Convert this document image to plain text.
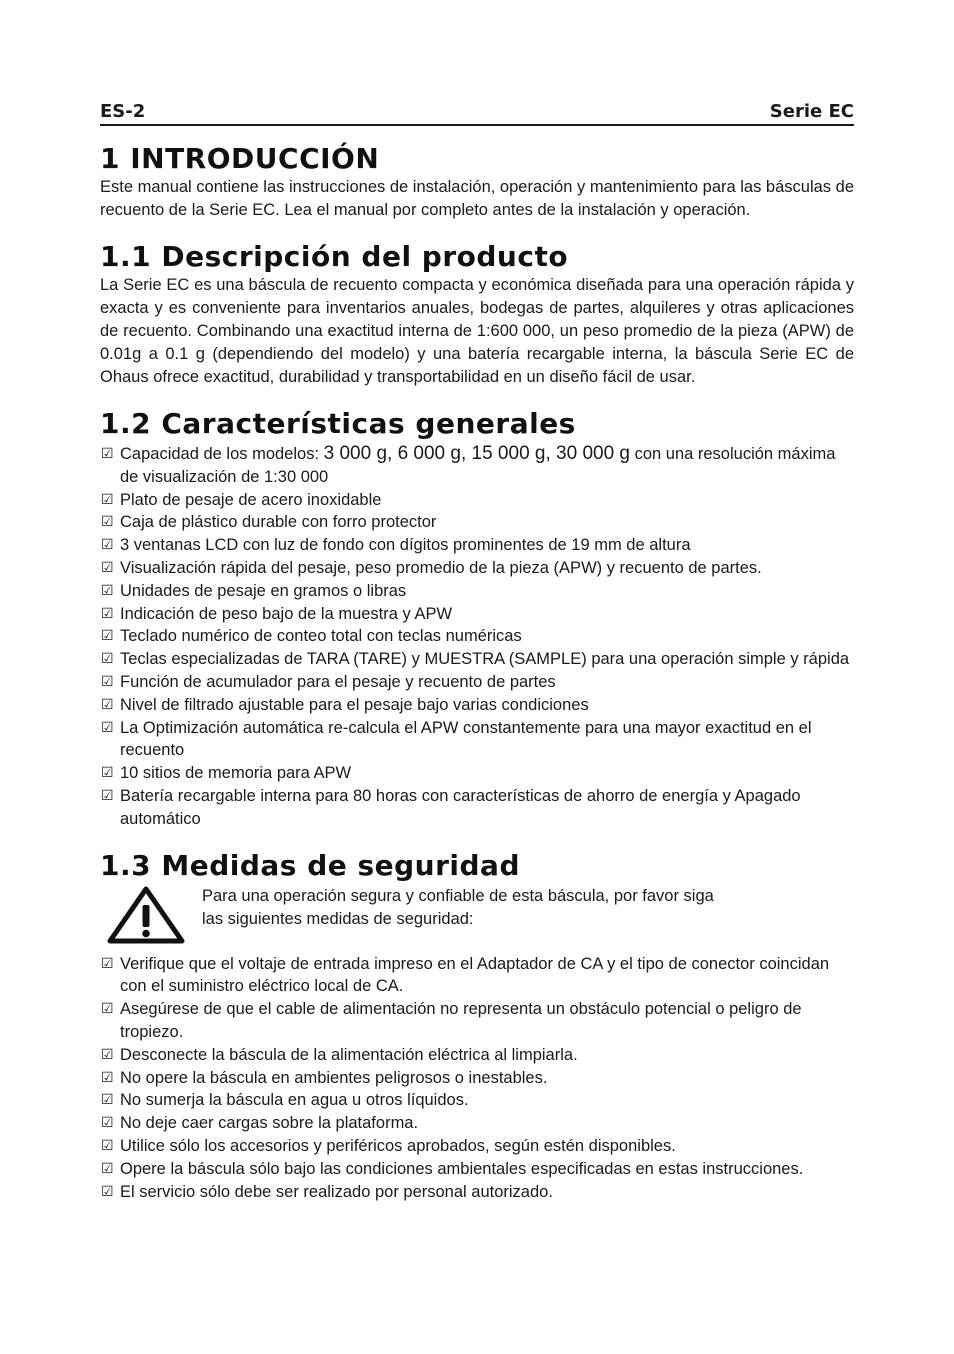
ES-2	Serie EC
1 INTRODUCCIÓN

Este manual contiene las instrucciones de instalación, operación y mantenimiento para las básculas de recuento de la Serie EC. Lea el manual por completo antes de la instalación y operación.

1.1 Descripción del producto

La Serie EC es una báscula de recuento compacta y económica diseñada para una operación rápida y exacta y es conveniente para inventarios anuales, bodegas de partes, alquileres y otras aplicaciones de recuento. Combinando una exactitud interna de 1:600 000, un peso promedio de la pieza (APW) de 0.01g a 0.1 g (dependiendo del modelo) y una batería recargable interna, la báscula Serie EC de Ohaus ofrece exactitud, durabilidad y transportabilidad en un diseño fácil de usar.

1.2 Características generales
☑ Capacidad de los modelos: 3 000 g, 6 000 g, 15 000 g, 30 000 g con una resolución máxima de visualización de 1:30 000
☑ Plato de pesaje de acero inoxidable
☑ Caja de plástico durable con forro protector
☑ 3 ventanas LCD con luz de fondo con dígitos prominentes de 19 mm de altura
☑ Visualización rápida del pesaje, peso promedio de la pieza (APW) y recuento de partes.
☑ Unidades de pesaje en gramos o libras
☑ Indicación de peso bajo de la muestra y APW
☑ Teclado numérico de conteo total con teclas numéricas
☑ Teclas especializadas de TARA (TARE) y MUESTRA (SAMPLE) para una operación simple y rápida
☑ Función de acumulador para el pesaje y recuento de partes
☑ Nivel de filtrado ajustable para el pesaje bajo varias condiciones
☑ La Optimización automática re-calcula el APW constantemente para una mayor exactitud en el recuento
☑ 10 sitios de memoria para APW
☑ Batería recargable interna para 80 horas con características de ahorro de energía y Apagado automático
1.3 Medidas de seguridad
Para una operación segura y confiable de esta báscula, por favor siga
las siguientes medidas de seguridad:
☑ Verifique que el voltaje de entrada impreso en el Adaptador de CA y el tipo de conector coincidan con el suministro eléctrico local de CA.
☑ Asegúrese de que el cable de alimentación no representa un obstáculo potencial o peligro de tropiezo.
☑ Desconecte la báscula de la alimentación eléctrica al limpiarla.
☑ No opere la báscula en ambientes peligrosos o inestables.
☑ No sumerja la báscula en agua u otros líquidos.
☑ No deje caer cargas sobre la plataforma.
☑ Utilice sólo los accesorios y periféricos aprobados, según estén disponibles.
☑ Opere la báscula sólo bajo las condiciones ambientales especificadas en estas instrucciones.
☑ El servicio sólo debe ser realizado por personal autorizado.
